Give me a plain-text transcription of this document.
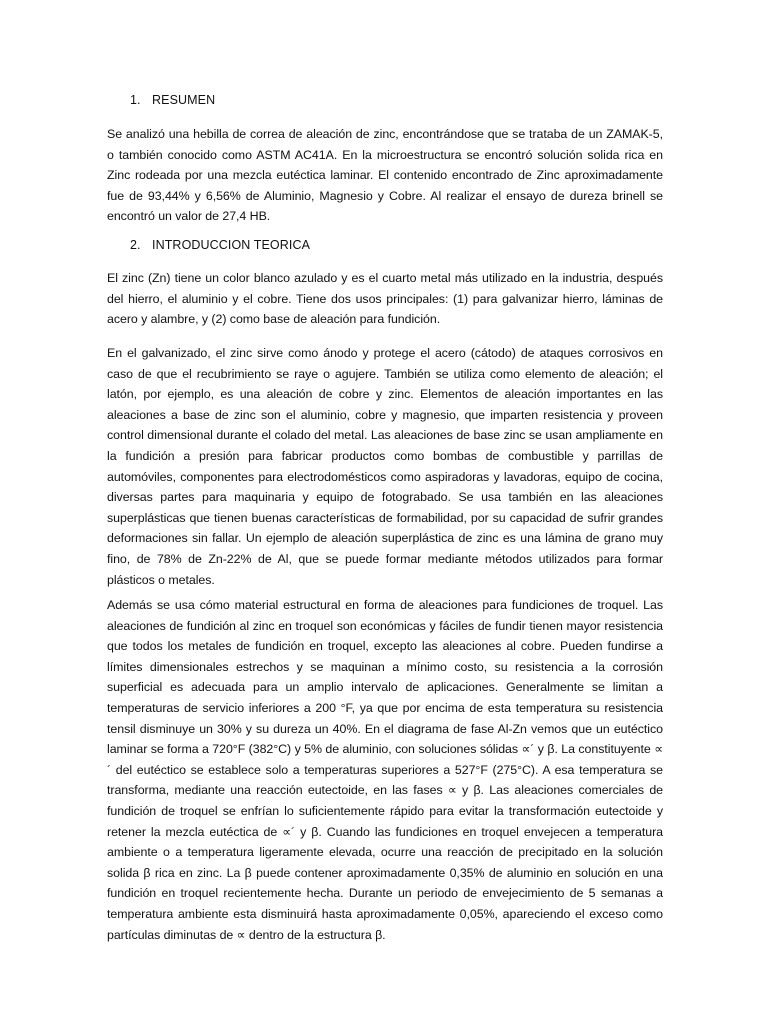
1. RESUMEN

Se analizó una hebilla de correa de aleación de zinc, encontrándose que se trataba de un ZAMAK-5, o también conocido como ASTM AC41A. En la microestructura se encontró solución solida rica en Zinc rodeada por una mezcla eutéctica laminar. El contenido encontrado de Zinc aproximadamente fue de 93,44% y 6,56% de Aluminio, Magnesio y Cobre. Al realizar el ensayo de dureza brinell se encontró un valor de 27,4 HB.

2. INTRODUCCION TEORICA

El zinc (Zn) tiene un color blanco azulado y es el cuarto metal más utilizado en la industria, después del hierro, el aluminio y el cobre. Tiene dos usos principales: (1) para galvanizar hierro, láminas de acero y alambre, y (2) como base de aleación para fundición.

En el galvanizado, el zinc sirve como ánodo y protege el acero (cátodo) de ataques corrosivos en caso de que el recubrimiento se raye o agujere. También se utiliza como elemento de aleación; el latón, por ejemplo, es una aleación de cobre y zinc. Elementos de aleación importantes en las aleaciones a base de zinc son el aluminio, cobre y magnesio, que imparten resistencia y proveen control dimensional durante el colado del metal. Las aleaciones de base zinc se usan ampliamente en la fundición a presión para fabricar productos como bombas de combustible y parrillas de automóviles, componentes para electrodomésticos como aspiradoras y lavadoras, equipo de cocina, diversas partes para maquinaria y equipo de fotograbado. Se usa también en las aleaciones superplásticas que tienen buenas características de formabilidad, por su capacidad de sufrir grandes deformaciones sin fallar. Un ejemplo de aleación superplástica de zinc es una lámina de grano muy fino, de 78% de Zn-22% de Al, que se puede formar mediante métodos utilizados para formar plásticos o metales.

Además se usa cómo material estructural en forma de aleaciones para fundiciones de troquel. Las aleaciones de fundición al zinc en troquel son económicas y fáciles de fundir tienen mayor resistencia que todos los metales de fundición en troquel, excepto las aleaciones al cobre. Pueden fundirse a límites dimensionales estrechos y se maquinan a mínimo costo, su resistencia a la corrosión superficial es adecuada para un amplio intervalo de aplicaciones. Generalmente se limitan a temperaturas de servicio inferiores a 200 °F, ya que por encima de esta temperatura su resistencia tensil disminuye un 30% y su dureza un 40%. En el diagrama de fase Al-Zn vemos que un eutéctico laminar se forma a 720°F (382°C) y 5% de aluminio, con soluciones sólidas ∝´ y β. La constituyente ∝´ del eutéctico se establece solo a temperaturas superiores a 527°F (275°C). A esa temperatura se transforma, mediante una reacción eutectoide, en las fases ∝ y β. Las aleaciones comerciales de fundición de troquel se enfrían lo suficientemente rápido para evitar la transformación eutectoide y retener la mezcla eutéctica de ∝´ y β. Cuando las fundiciones en troquel envejecen a temperatura ambiente o a temperatura ligeramente elevada, ocurre una reacción de precipitado en la solución solida β rica en zinc. La β puede contener aproximadamente 0,35% de aluminio en solución en una fundición en troquel recientemente hecha. Durante un periodo de envejecimiento de 5 semanas a temperatura ambiente esta disminuirá hasta aproximadamente 0,05%, apareciendo el exceso como partículas diminutas de ∝ dentro de la estructura β.
